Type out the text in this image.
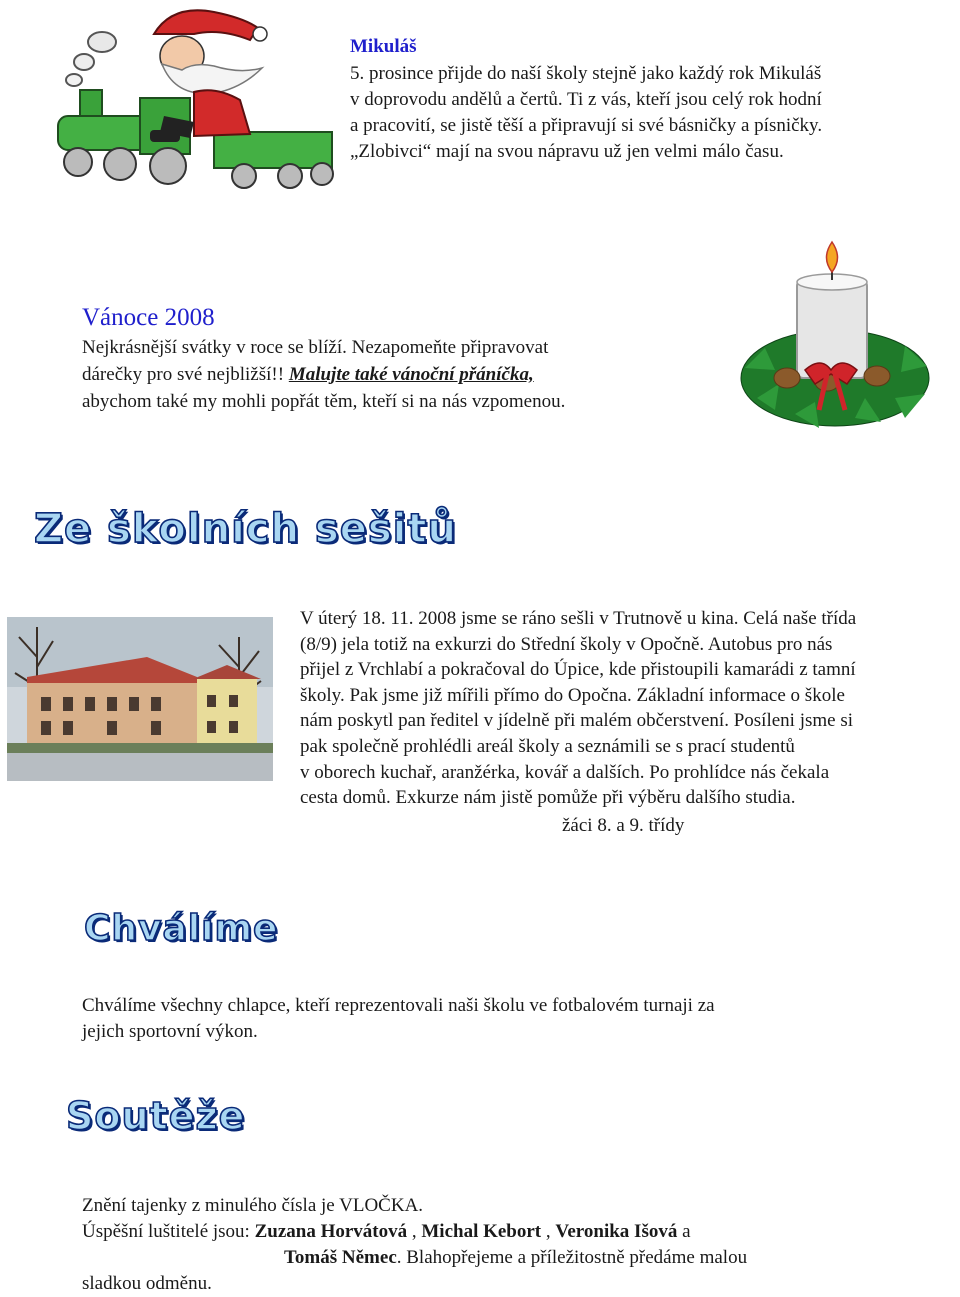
Mikuláš
5. prosince přijde do naší školy stejně jako každý rok Mikuláš
v doprovodu andělů a čertů. Ti z vás, kteří jsou celý rok hodní
a pracovití, se jistě těší a připravují si své básničky a písničky.
„Zlobivci“ mají na svou nápravu už jen velmi málo času.
Vánoce 2008
Nejkrásnější svátky v roce se blíží. Nezapomeňte připravovat
dárečky pro své nejbližší!! Malujte také vánoční přáníčka,
abychom také my mohli popřát těm, kteří si na nás vzpomenou.
Ze školních sešitů
V úterý 18. 11. 2008 jsme se ráno sešli v Trutnově u kina. Celá naše třída
(8/9) jela totiž na exkurzi do Střední školy v Opočně. Autobus pro nás
přijel z Vrchlabí a pokračoval do Úpice, kde přistoupili kamarádi z tamní
školy. Pak jsme již mířili přímo do Opočna. Základní informace o škole
nám poskytl pan ředitel v jídelně při malém občerstvení. Posíleni jsme si
pak společně prohlédli areál školy a seznámili se s prací studentů
v oborech kuchař, aranžérka, kovář a dalších. Po prohlídce nás čekala
cesta domů. Exkurze nám jistě pomůže při výběru dalšího studia.
žáci 8. a 9. třídy
Chválíme
Chválíme všechny chlapce, kteří reprezentovali naši školu ve fotbalovém turnaji za
jejich sportovní výkon.
Soutěže
Znění tajenky z minulého čísla je VLOČKA.
Úspěšní luštitelé jsou: Zuzana Horvátová , Michal Kebort , Veronika Išová a
Tomáš Němec. Blahopřejeme a příležitostně předáme malou
sladkou odměnu.
